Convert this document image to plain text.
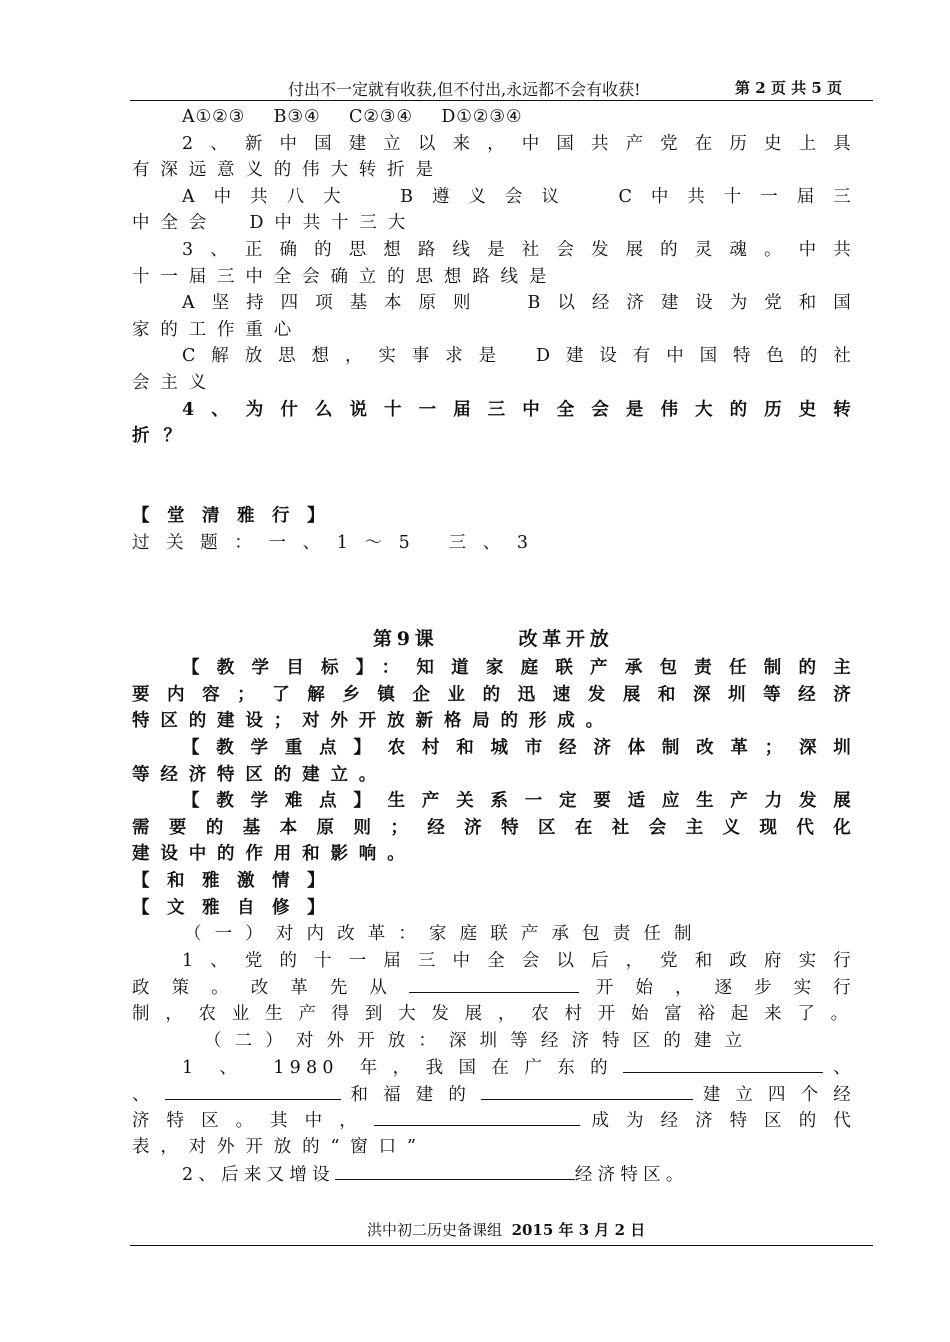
付出不一定就有收获,但不付出,永远都不会有收获!	第 2 页 共 5 页
A①②③ B③④ C②③④ D①②③④
2、新中国建立以来，中国共产党在历史上具
有深远意义的伟大转折是
A中共八大 B遵义会议 C中共十一届三
中全会 D中共十三大
3、正确的思想路线是社会发展的灵魂。中共
十一届三中全会确立的思想路线是
A坚持四项基本原则 B以经济建设为党和国
家的工作重心
C解放思想，实事求是 D建设有中国特色的社
会主义
4、为什么说十一届三中全会是伟大的历史转
折？
【堂清雅行】
过关题：一、1～5 三、3
第9课	改革开放
【教学目标】：知道家庭联产承包责任制的主
要内容；了解乡镇企业的迅速发展和深圳等经济
特区的建设；对外开放新格局的形成。
【教学重点】农村和城市经济体制改革；深圳
等经济特区的建立。
【教学难点】生产关系一定要适应生产力发展
需要的基本原则；经济特区在社会主义现代化
建设中的作用和影响。
【和雅激情】
【文雅自修】
（一）对内改革：家庭联产承包责任制
1、党的十一届三中全会以后，党和政府实行
政策。改革先从	开始，逐步实行
制，农业生产得到大发展，农村开始富裕起来了。
（二）对外开放：深圳等经济特区的建立
1 、 1980 年，我国在广东的	、
、	和福建的	建立四个经
济特区。其中，	成为经济特区的代
表，对外开放的“窗口”
2、后来又增设	经济特区。
洪中初二历史备课组 2015 年 3 月 2 日
